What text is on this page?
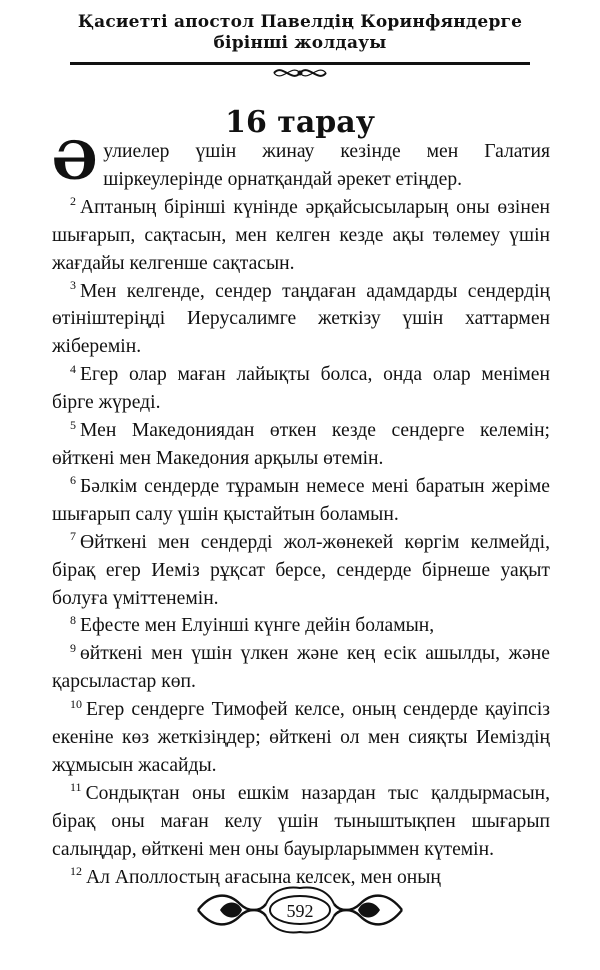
Қасиетті апостол Павелдің Коринфяндерге
бірінші жолдауы
16 тарау

Әулиелер үшін жинау кезінде мен Галатия шіркеулерінде орнатқандай әрекет етіңдер.

$^2$ Аптаның бірінші күнінде әрқайсысыларың оны өзінен шығарып, сақтасын, мен келген кезде ақы төлемеу үшін жағдайы келгенше сақтасын.

$^3$ Мен келгенде, сендер таңдаған адамдарды сендердің өтініштеріңді Иерусалимге жеткізу үшін хаттармен жіберемін.

$^4$ Егер олар маған лайықты болса, онда олар менімен бірге жүреді.

$^5$ Мен Македониядан өткен кезде сендерге келемін; өйткені мен Македония арқылы өтемін.

$^6$ Бәлкім сендерде тұрамын немесе мені баратын жеріме шығарып салу үшін қыстайтын боламын.

$^7$ Өйткені мен сендерді жол-жөнекей көргім келмейді, бірақ егер Иеміз рұқсат берсе, сендерде бірнеше уақыт болуға үміттенемін.

$^8$ Ефесте мен Елуінші күнге дейін боламын,

$^9$ өйткені мен үшін үлкен және кең есік ашылды, және қарсыластар көп.

$^{10}$ Егер сендерге Тимофей келсе, оның сендерде қауіпсіз екеніне көз жеткізіңдер; өйткені ол мен сияқты Иемiздiң жұмысын жасайды.

$^{11}$ Сондықтан оны ешкім назардан тыс қалдырмасын, бірақ оны маған келу үшін тыныштықпен шығарып салыңдар, өйткені мен оны бауырларыммен күтемін.

$^{12}$ Ал Аполлостың ағасына келсек, мен оның

592
